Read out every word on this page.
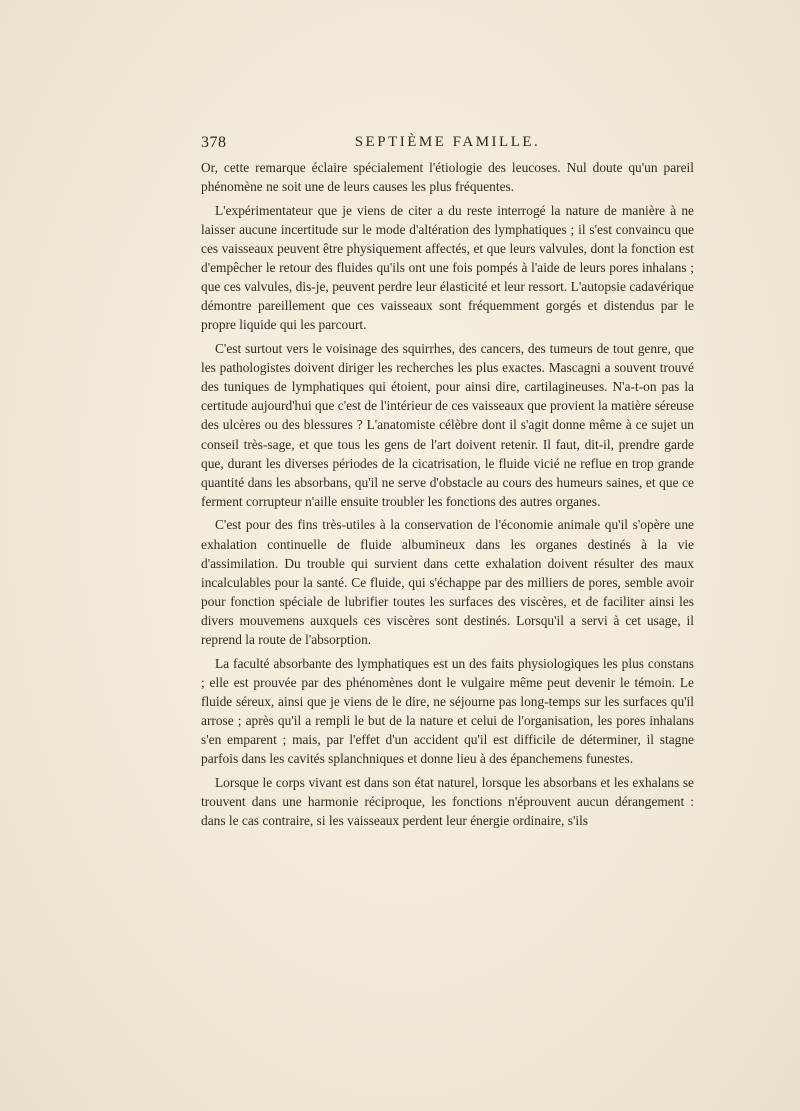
378	SEPTIÈME FAMILLE.

Or, cette remarque éclaire spécialement l'étiologie des leucoses. Nul doute qu'un pareil phénomène ne soit une de leurs causes les plus fréquentes.

L'expérimentateur que je viens de citer a du reste interrogé la nature de manière à ne laisser aucune incertitude sur le mode d'altération des lymphatiques ; il s'est convaincu que ces vaisseaux peuvent être physiquement affectés, et que leurs valvules, dont la fonction est d'empêcher le retour des fluides qu'ils ont une fois pompés à l'aide de leurs pores inhalans ; que ces valvules, dis-je, peuvent perdre leur élasticité et leur ressort. L'autopsie cadavérique démontre pareillement que ces vaisseaux sont fréquemment gorgés et distendus par le propre liquide qui les parcourt.

C'est surtout vers le voisinage des squirrhes, des cancers, des tumeurs de tout genre, que les pathologistes doivent diriger les recherches les plus exactes. Mascagni a souvent trouvé des tuniques de lymphatiques qui étoient, pour ainsi dire, cartilagineuses. N'a-t-on pas la certitude aujourd'hui que c'est de l'intérieur de ces vaisseaux que provient la matière séreuse des ulcères ou des blessures ? L'anatomiste célèbre dont il s'agit donne même à ce sujet un conseil très-sage, et que tous les gens de l'art doivent retenir. Il faut, dit-il, prendre garde que, durant les diverses périodes de la cicatrisation, le fluide vicié ne reflue en trop grande quantité dans les absorbans, qu'il ne serve d'obstacle au cours des humeurs saines, et que ce ferment corrupteur n'aille ensuite troubler les fonctions des autres organes.

C'est pour des fins très-utiles à la conservation de l'économie animale qu'il s'opère une exhalation continuelle de fluide albumineux dans les organes destinés à la vie d'assimilation. Du trouble qui survient dans cette exhalation doivent résulter des maux incalculables pour la santé. Ce fluide, qui s'échappe par des milliers de pores, semble avoir pour fonction spéciale de lubrifier toutes les surfaces des viscères, et de faciliter ainsi les divers mouvemens auxquels ces viscères sont destinés. Lorsqu'il a servi à cet usage, il reprend la route de l'absorption.

La faculté absorbante des lymphatiques est un des faits physiologiques les plus constans ; elle est prouvée par des phénomènes dont le vulgaire même peut devenir le témoin. Le fluide séreux, ainsi que je viens de le dire, ne séjourne pas long-temps sur les surfaces qu'il arrose ; après qu'il a rempli le but de la nature et celui de l'organisation, les pores inhalans s'en emparent ; mais, par l'effet d'un accident qu'il est difficile de déterminer, il stagne parfois dans les cavités splanchniques et donne lieu à des épanchemens funestes.

Lorsque le corps vivant est dans son état naturel, lorsque les absorbans et les exhalans se trouvent dans une harmonie réciproque, les fonctions n'éprouvent aucun dérangement : dans le cas contraire, si les vaisseaux perdent leur énergie ordinaire, s'ils
